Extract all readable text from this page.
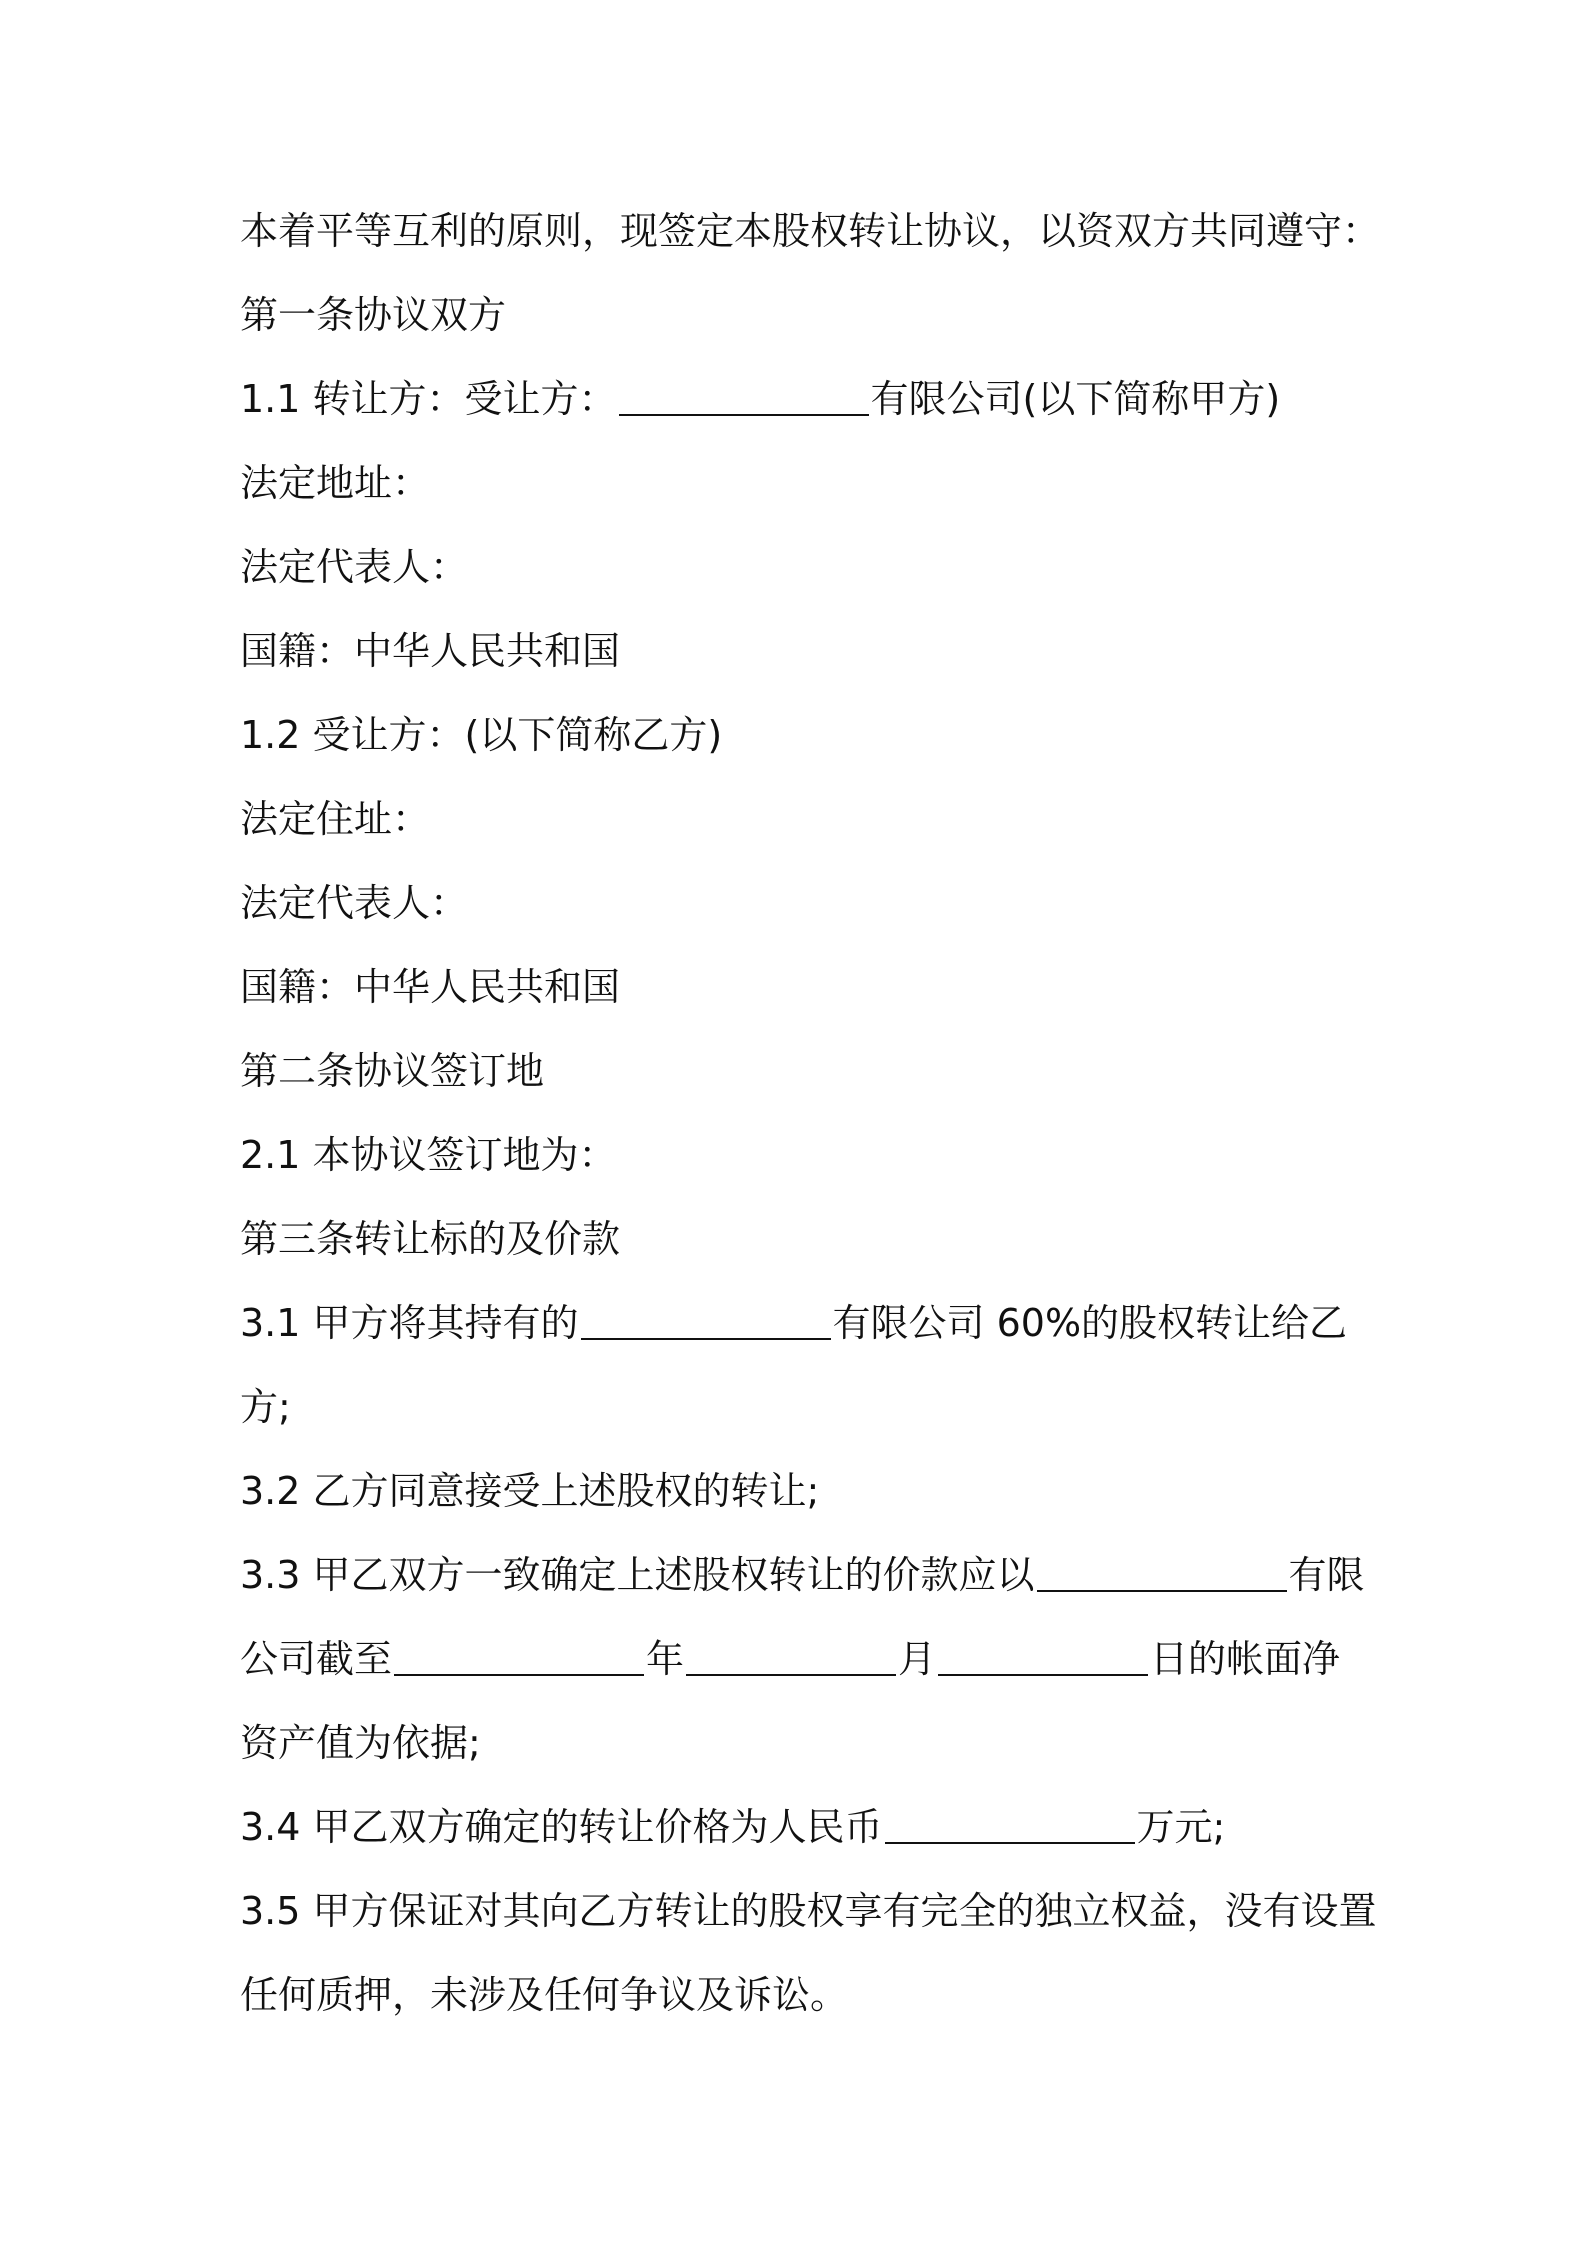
本着平等互利的原则，现签定本股权转让协议，以资双方共同遵守：
第一条协议双方
1.1 转让方：受让方：	有限公司(以下简称甲方)
法定地址：
法定代表人：
国籍：中华人民共和国
1.2 受让方：(以下简称乙方)
法定住址：
法定代表人：
国籍：中华人民共和国
第二条协议签订地
2.1 本协议签订地为：
第三条转让标的及价款
3.1 甲方将其持有的	有限公司 60%的股权转让给乙
方;
3.2 乙方同意接受上述股权的转让;
3.3 甲乙双方一致确定上述股权转让的价款应以	有限
公司截至	年	月	日的帐面净
资产值为依据;
3.4 甲乙双方确定的转让价格为人民币	万元;
3.5 甲方保证对其向乙方转让的股权享有完全的独立权益，没有设置
任何质押，未涉及任何争议及诉讼。
